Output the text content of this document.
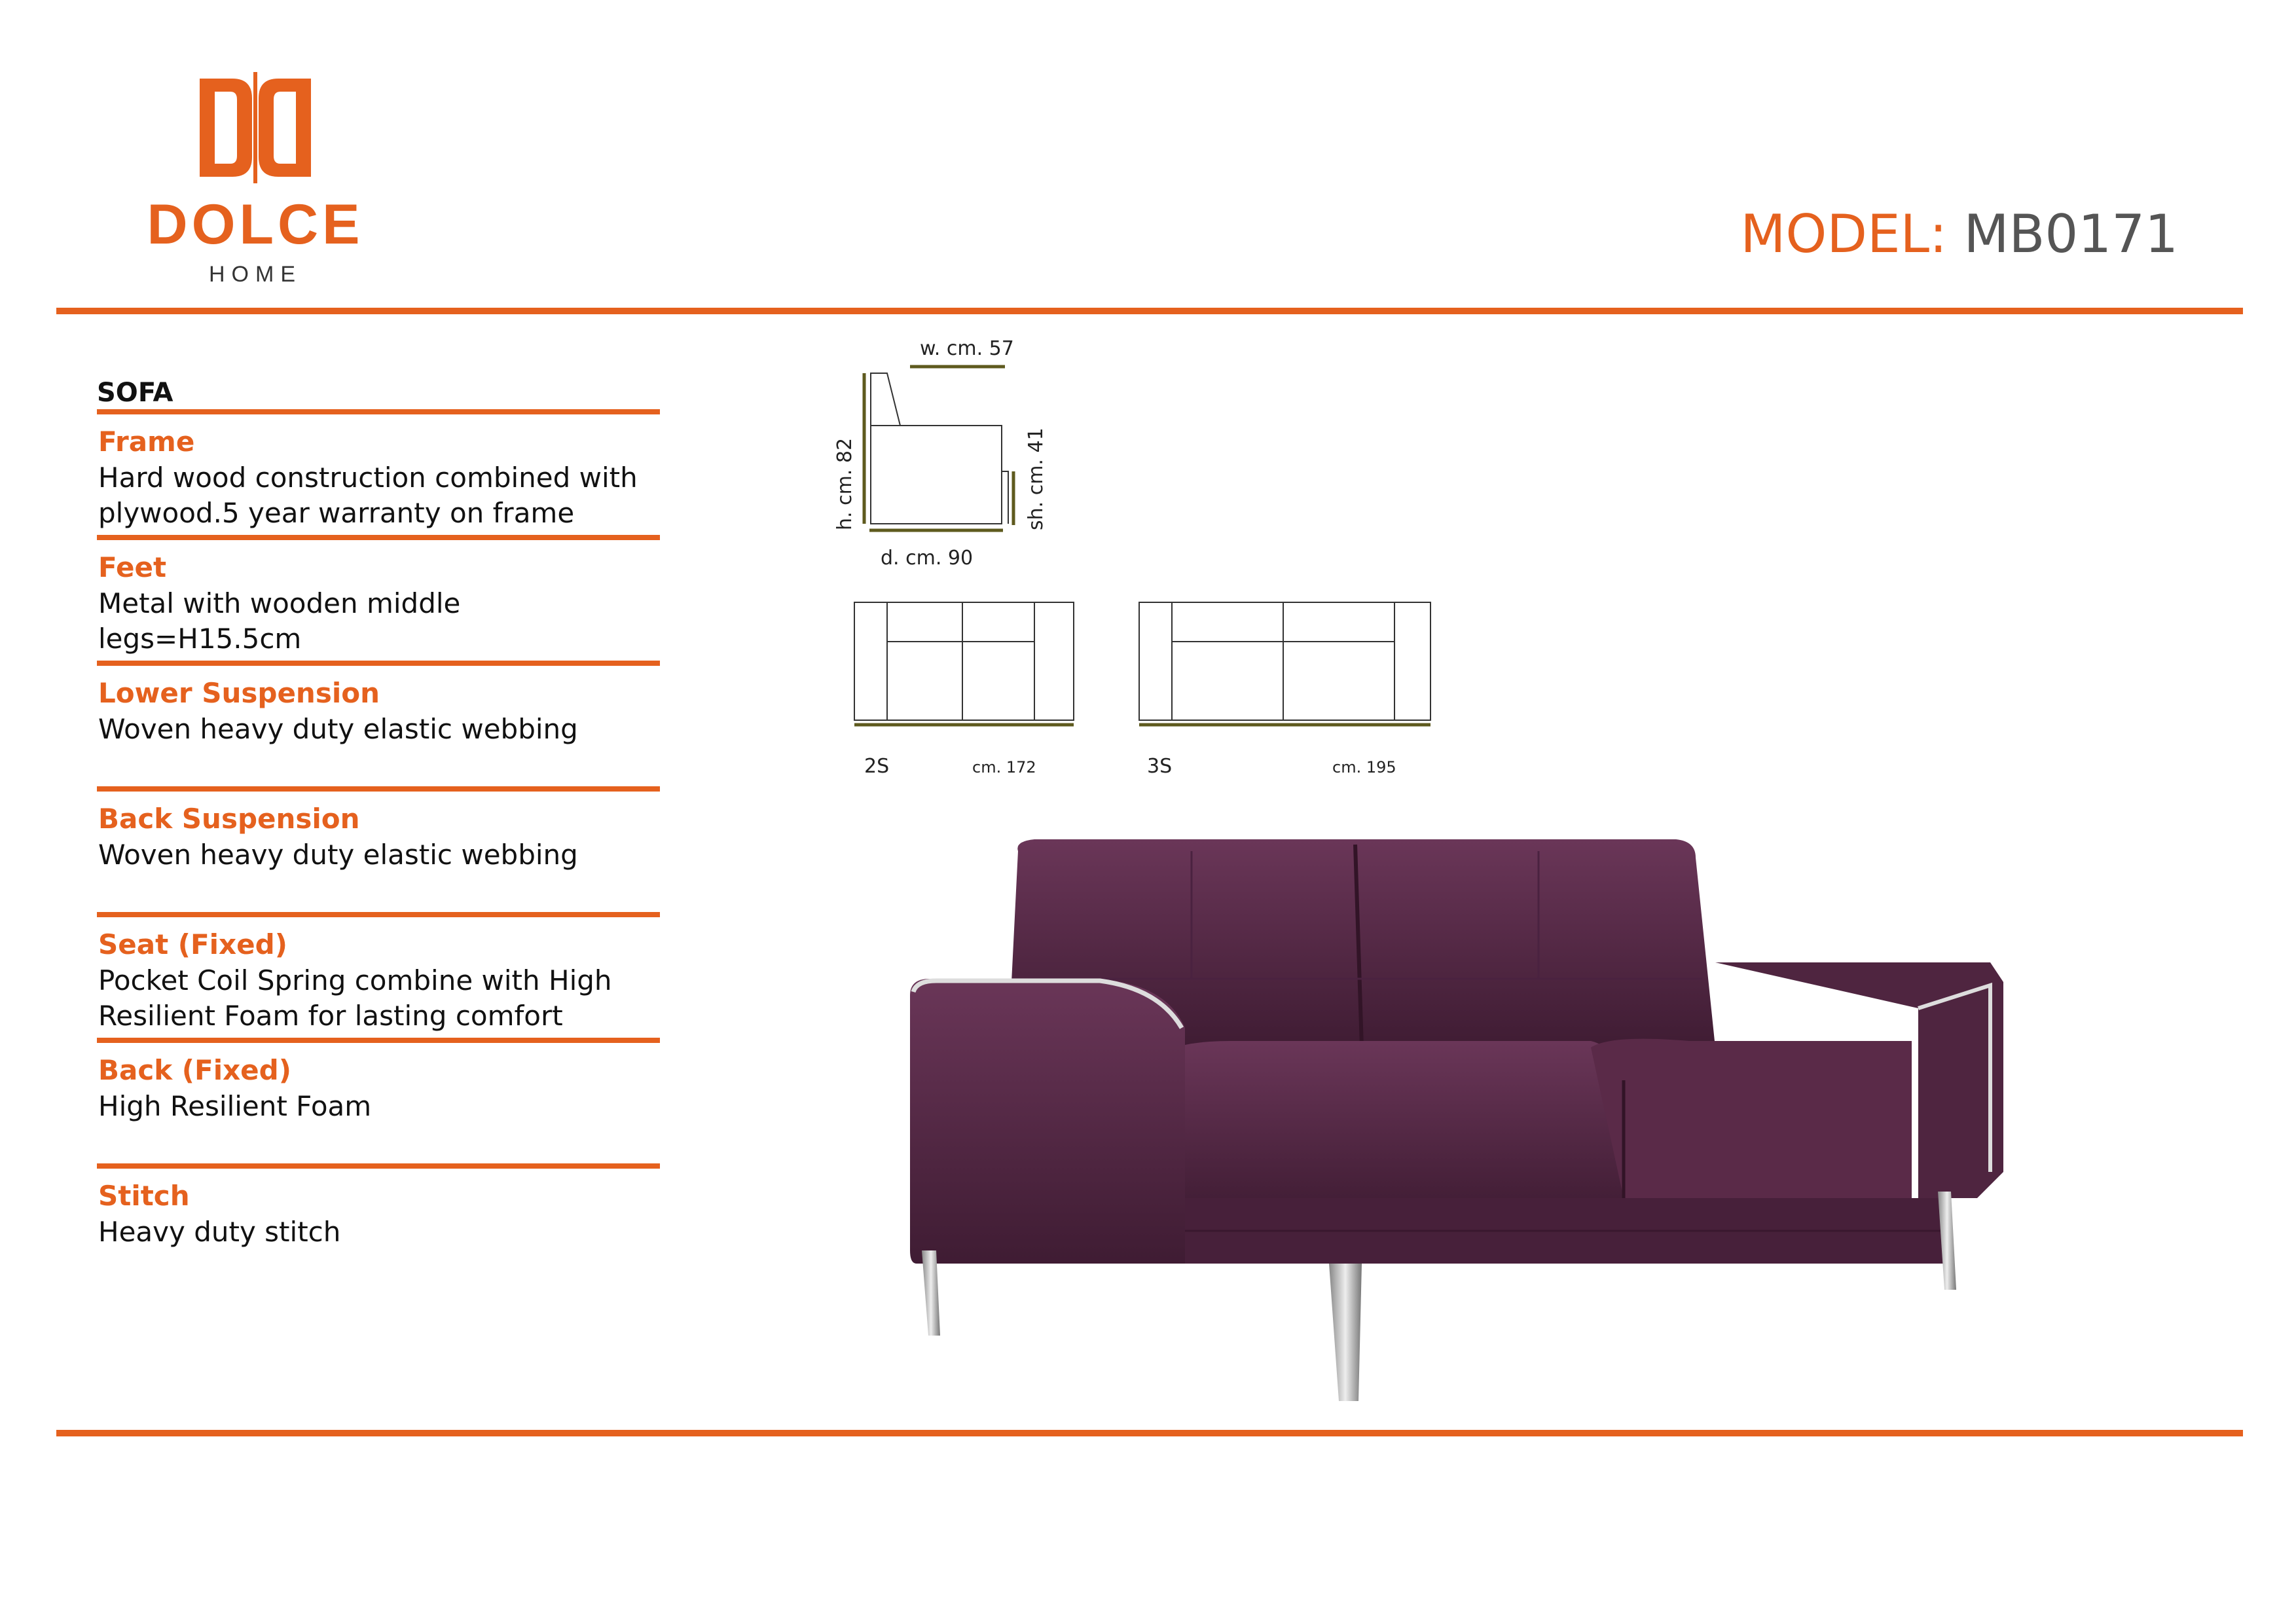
DOLCE
HOME
MODEL: MB0171
SOFA
Frame
Hard wood construction combined with plywood.5 year warranty on frame
Feet
Metal with wooden middle legs=H15.5cm
Lower Suspension
Woven heavy duty elastic webbing
Back Suspension
Woven heavy duty elastic webbing
Seat (Fixed)
Pocket Coil Spring combine with High Resilient Foam for lasting comfort
Back (Fixed)
High Resilient Foam
Stitch
Heavy duty stitch
w. cm. 57
h. cm. 82	sh. cm. 41
d. cm. 90
2S	cm. 172	3S	cm. 195
